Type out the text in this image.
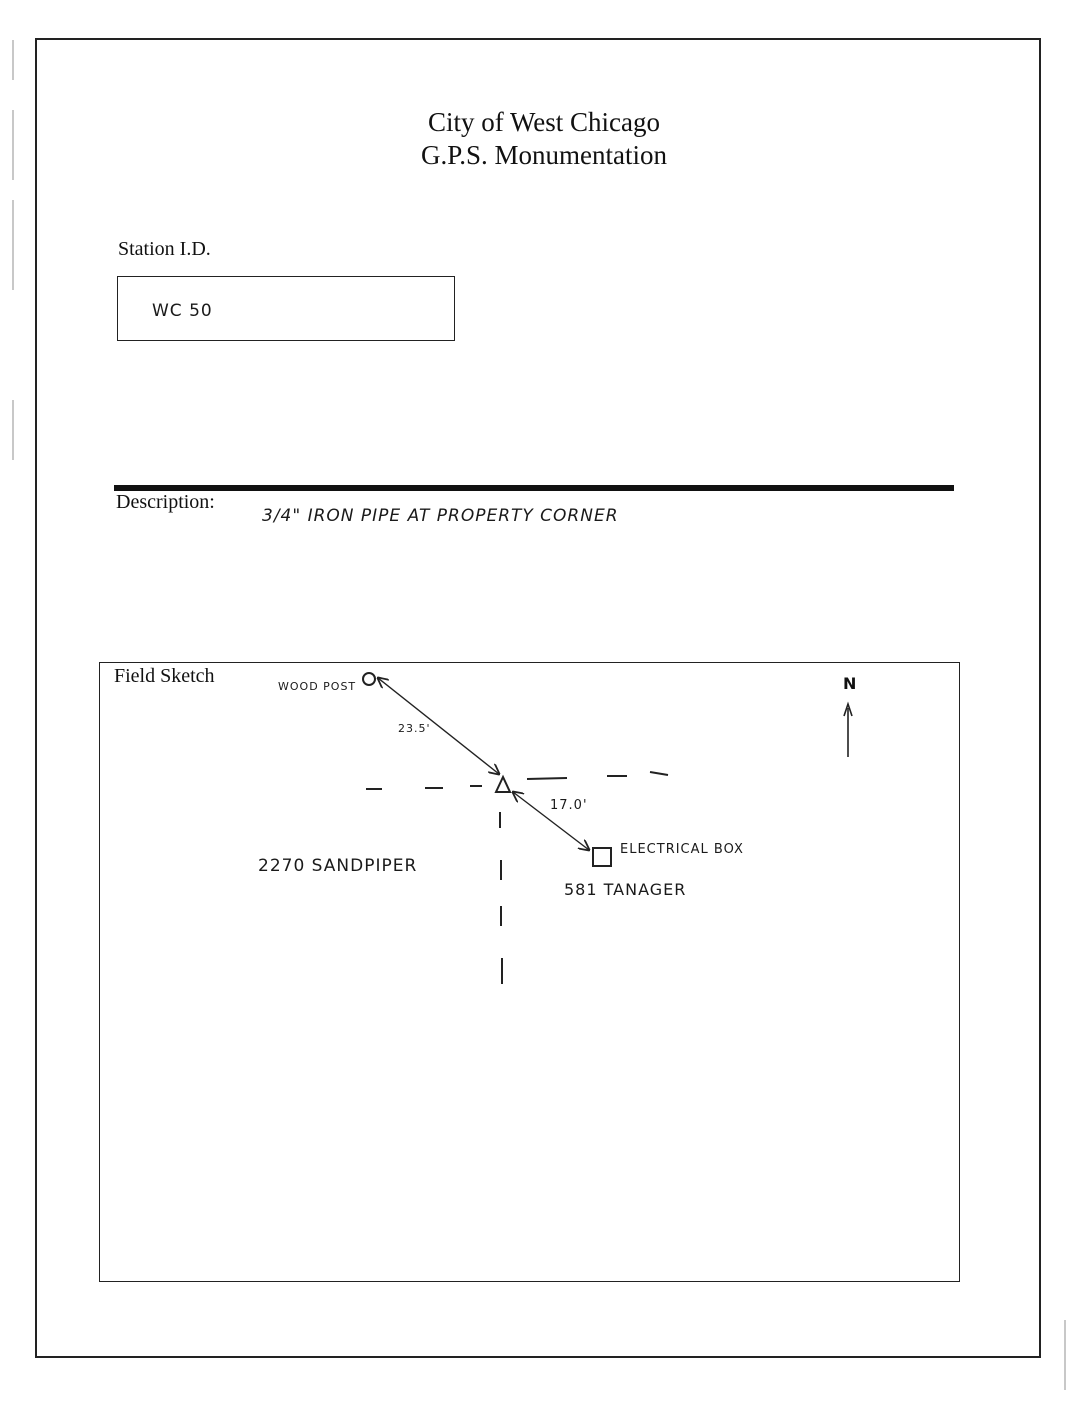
City of West Chicago
G.P.S. Monumentation
Station I.D.
WC 50
Description:
3/4" IRON PIPE AT PROPERTY CORNER
Field Sketch	WOOD POST
23.5'
17.0'
ELECTRICAL BOX
2270 SANDPIPER
581 TANAGER
N
